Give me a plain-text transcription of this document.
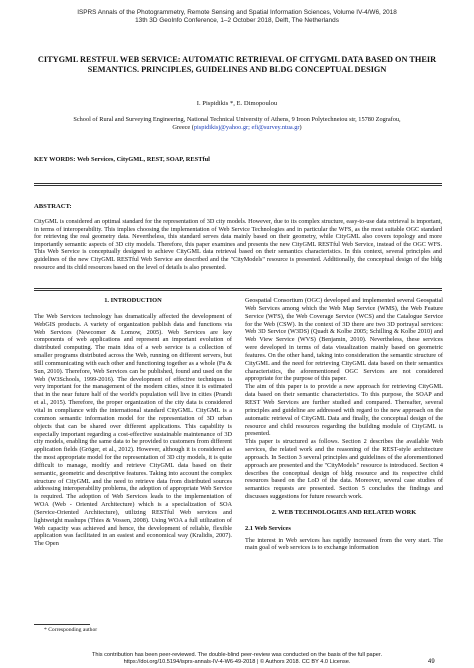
ISPRS Annals of the Photogrammetry, Remote Sensing and Spatial Information Sciences, Volume IV-4/W6, 2018
13th 3D GeoInfo Conference, 1–2 October 2018, Delft, The Netherlands
CITYGML RESTFUL WEB SERVICE: AUTOMATIC RETRIEVAL OF CITYGML DATA BASED ON THEIR SEMANTICS. PRINCIPLES, GUIDELINES AND BLDG CONCEPTUAL DESIGN
I. Pispidikis *, E. Dimopoulou
School of Rural and Surveying Engineering, National Technical University of Athens, 9 Iroon Polytechneiou str, 15780 Zografou,
Greece (pispidikisj@yahoo.gr; efi@survey.ntua.gr)
KEY WORDS: Web Services, CityGML, REST, SOAP, RESTful
ABSTRACT:
CityGML is considered an optimal standard for the representation of 3D city models. However, due to its complex structure, easy-to-use data retrieval is important, in terms of interoperability. This implies choosing the implementation of Web Service Technologies and in particular the WFS, as the most suitable OGC standard for retrieving the real geometry data. Nevertheless, this standard serves data mainly based on their geometry, while CityGML also covers topology and more importantly semantic aspects of 3D city models. Therefore, this paper examines and presents the new CityGML RESTful Web Service, instead of the OGC WFS. This Web Service is conceptually designed to achieve CityGML data retrieval based on their semantics characteristics. In this context, several principles and guidelines of the new CityGML RESTful Web Service are described and the "CityModels" resource is presented. Additionally, the conceptual design of the bldg resource and its child resources based on the level of details is also presented.
1. INTRODUCTION

The Web Services technology has dramatically affected the development of WebGIS products. A variety of organization publish data and functions via Web Services (Newcomer & Lomow, 2005). Web Services are key components of web applications and represent an important evolution of distributed computing. The main idea of a web service is a collection of smaller programs distributed across the Web, running on different servers, but still communicating with each other and functioning together as a whole (Fu & Sun, 2010). Therefore, Web Services can be published, found and used on the Web (W3Schools, 1999-2016). The development of effective techniques is very important for the management of the modern cities, since it is estimated that in the near future half of the world's population will live in cities (Prandi et al., 2015). Therefore, the proper organization of the city data is considered vital in compliance with the international standard CityGML. CityGML is a common semantic information model for the representation of 3D urban objects that can be shared over different applications. This capability is especially important regarding a cost-effective sustainable maintenance of 3D city models, enabling the same data to be provided to customers from different application fields (Gröger, et al., 2012). However, although it is considered as the most appropriate model for the representation of 3D city models, it is quite difficult to manage, modify and retrieve CityGML data based on their semantic, geometric and descriptive features. Taking into account the complex structure of CityGML and the need to retrieve data from distributed sources addressing interoperability problems, the adoption of appropriate Web Service is required. The adoption of Web Services leads to the implementation of WOA (Web - Oriented Architecture) which is a specialization of SOA (Service-Oriented Architecture), utilizing RESTful Web services and lightweight mashups (Thies & Vossen, 2008). Using WOA a full utilization of Web capacity was achieved and hence, the development of reliable, flexible application was facilitated in an easiest and economical way (Kralidis, 2007). The Open

Geospatial Consortium (OGC) developed and implemented several Geospatial Web Services among which the Web Map Service (WMS), the Web Feature Service (WFS), the Web Coverage Service (WCS) and the Catalogue Service for the Web (CSW). In the context of 3D there are two 3D portrayal services: Web 3D Service (W3DS) (Quadt & Kolbe 2005; Schilling & Kolbe 2010) and Web View Service (WVS) (Benjamin, 2010). Nevertheless, these services were developed in terms of data visualization mainly based on geometric features. On the other hand, taking into consideration the semantic structure of CityGML and the need for retrieving CityGML data based on their semantics characteristics, the aforementioned OGC Services are not considered appropriate for the purpose of this paper.

The aim of this paper is to provide a new approach for retrieving CityGML data based on their semantic characteristics. To this purpose, the SOAP and REST Web Services are further studied and compared. Thereafter, several principles and guideline are addressed with regard to the new approach on the automatic retrieval of CityGML Data and finally, the conceptual design of the resource and child resources regarding the building module of CityGML is presented.

This paper is structured as follows. Section 2 describes the available Web services, the related work and the reasoning of the REST-style architecture approach. In Section 3 several principles and guidelines of the aforementioned approach are presented and the "CityModels" resource is introduced. Section 4 describes the conceptual design of bldg resource and its respective child resources based on the LoD of the data. Moreover, several case studies of semantics requests are presented. Section 5 concludes the findings and discusses suggestions for future research work.

2. WEB TECHNOLOGIES AND RELATED WORK
2.1 Web Services

The interest in Web services has rapidly increased from the very start. The main goal of web services is to exchange information

* Corresponding author
This contribution has been peer-reviewed. The double-blind peer-review was conducted on the basis of the full paper.
https://doi.org/10.5194/isprs-annals-IV-4-W6-49-2018 | © Authors 2018. CC BY 4.0 License.	49
